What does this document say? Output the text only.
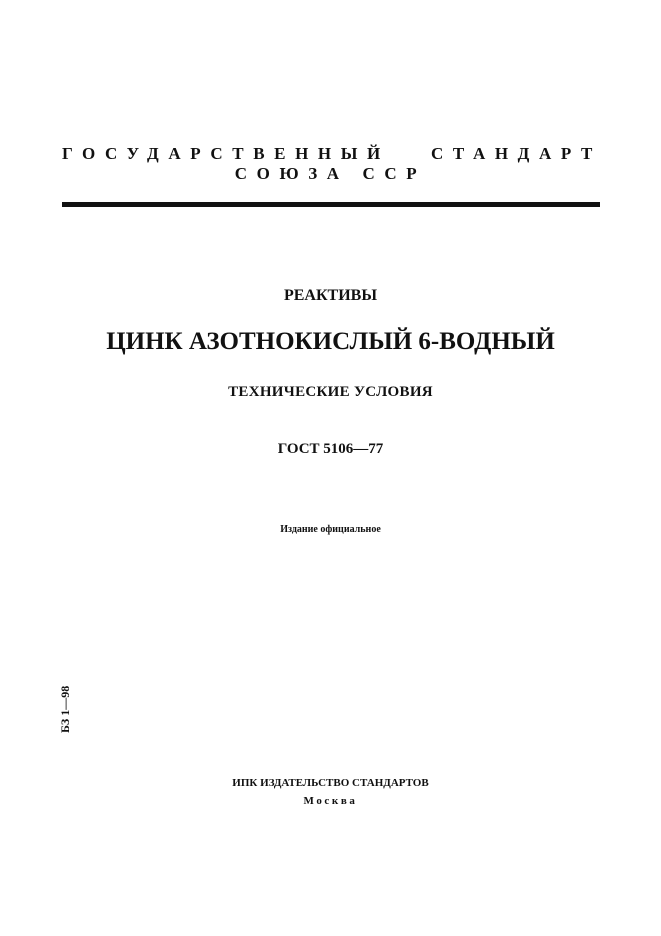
ГОСУДАРСТВЕННЫЙ СТАНДАРТ
СОЮЗА ССР
РЕАКТИВЫ
ЦИНК АЗОТНОКИСЛЫЙ 6-ВОДНЫЙ
ТЕХНИЧЕСКИЕ УСЛОВИЯ
ГОСТ 5106—77
Издание официальное
БЗ 1—98
ИПК ИЗДАТЕЛЬСТВО СТАНДАРТОВ
Москва
